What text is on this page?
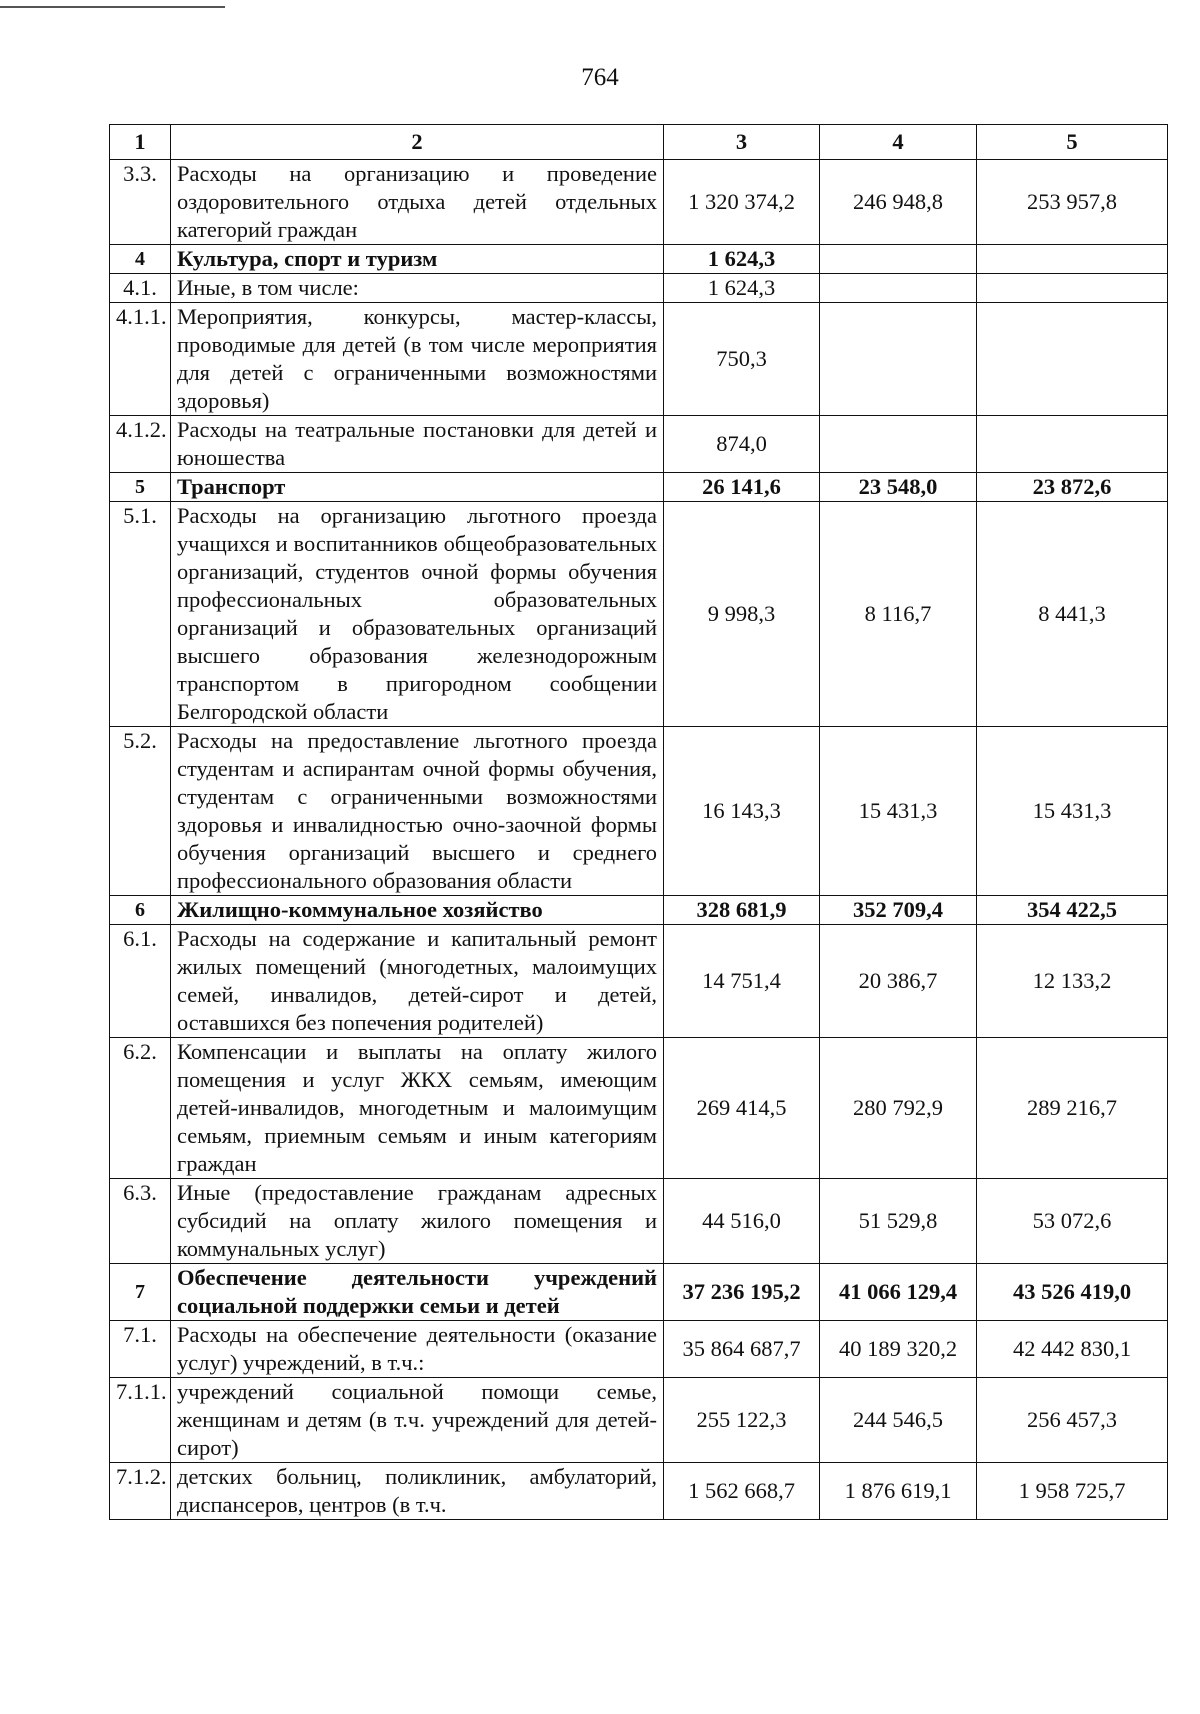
764
1	2	3	4	5
3.3.	Расходы на организацию и проведение оздоровительного отдыха детей отдельных категорий граждан	1 320 374,2	246 948,8	253 957,8
4	Культура, спорт и туризм	1 624,3		
4.1.	Иные, в том числе:	1 624,3		
4.1.1.	Мероприятия, конкурсы, мастер-классы, проводимые для детей (в том числе мероприятия для детей с ограниченными возможностями здоровья)	750,3		
4.1.2.	Расходы на театральные постановки для детей и юношества	874,0		
5	Транспорт	26 141,6	23 548,0	23 872,6
5.1.	Расходы на организацию льготного проезда учащихся и воспитанников общеобразовательных организаций, студентов очной формы обучения профессиональных образовательных организаций и образовательных организаций высшего образования железнодорожным транспортом в пригородном сообщении Белгородской области	9 998,3	8 116,7	8 441,3
5.2.	Расходы на предоставление льготного проезда студентам и аспирантам очной формы обучения, студентам с ограниченными возможностями здоровья и инвалидностью очно-заочной формы обучения организаций высшего и среднего профессионального образования области	16 143,3	15 431,3	15 431,3
6	Жилищно-коммунальное хозяйство	328 681,9	352 709,4	354 422,5
6.1.	Расходы на содержание и капитальный ремонт жилых помещений (многодетных, малоимущих семей, инвалидов, детей-сирот и детей, оставшихся без попечения родителей)	14 751,4	20 386,7	12 133,2
6.2.	Компенсации и выплаты на оплату жилого помещения и услуг ЖКХ семьям, имеющим детей-инвалидов, многодетным и малоимущим семьям, приемным семьям и иным категориям граждан	269 414,5	280 792,9	289 216,7
6.3.	Иные (предоставление гражданам адресных субсидий на оплату жилого помещения и коммунальных услуг)	44 516,0	51 529,8	53 072,6
7	Обеспечение деятельности учреждений социальной поддержки семьи и детей	37 236 195,2	41 066 129,4	43 526 419,0
7.1.	Расходы на обеспечение деятельности (оказание услуг) учреждений, в т.ч.:	35 864 687,7	40 189 320,2	42 442 830,1
7.1.1.	учреждений социальной помощи семье, женщинам и детям (в т.ч. учреждений для детей-сирот)	255 122,3	244 546,5	256 457,3
7.1.2.	детских больниц, поликлиник, амбулаторий, диспансеров, центров (в т.ч.	1 562 668,7	1 876 619,1	1 958 725,7
